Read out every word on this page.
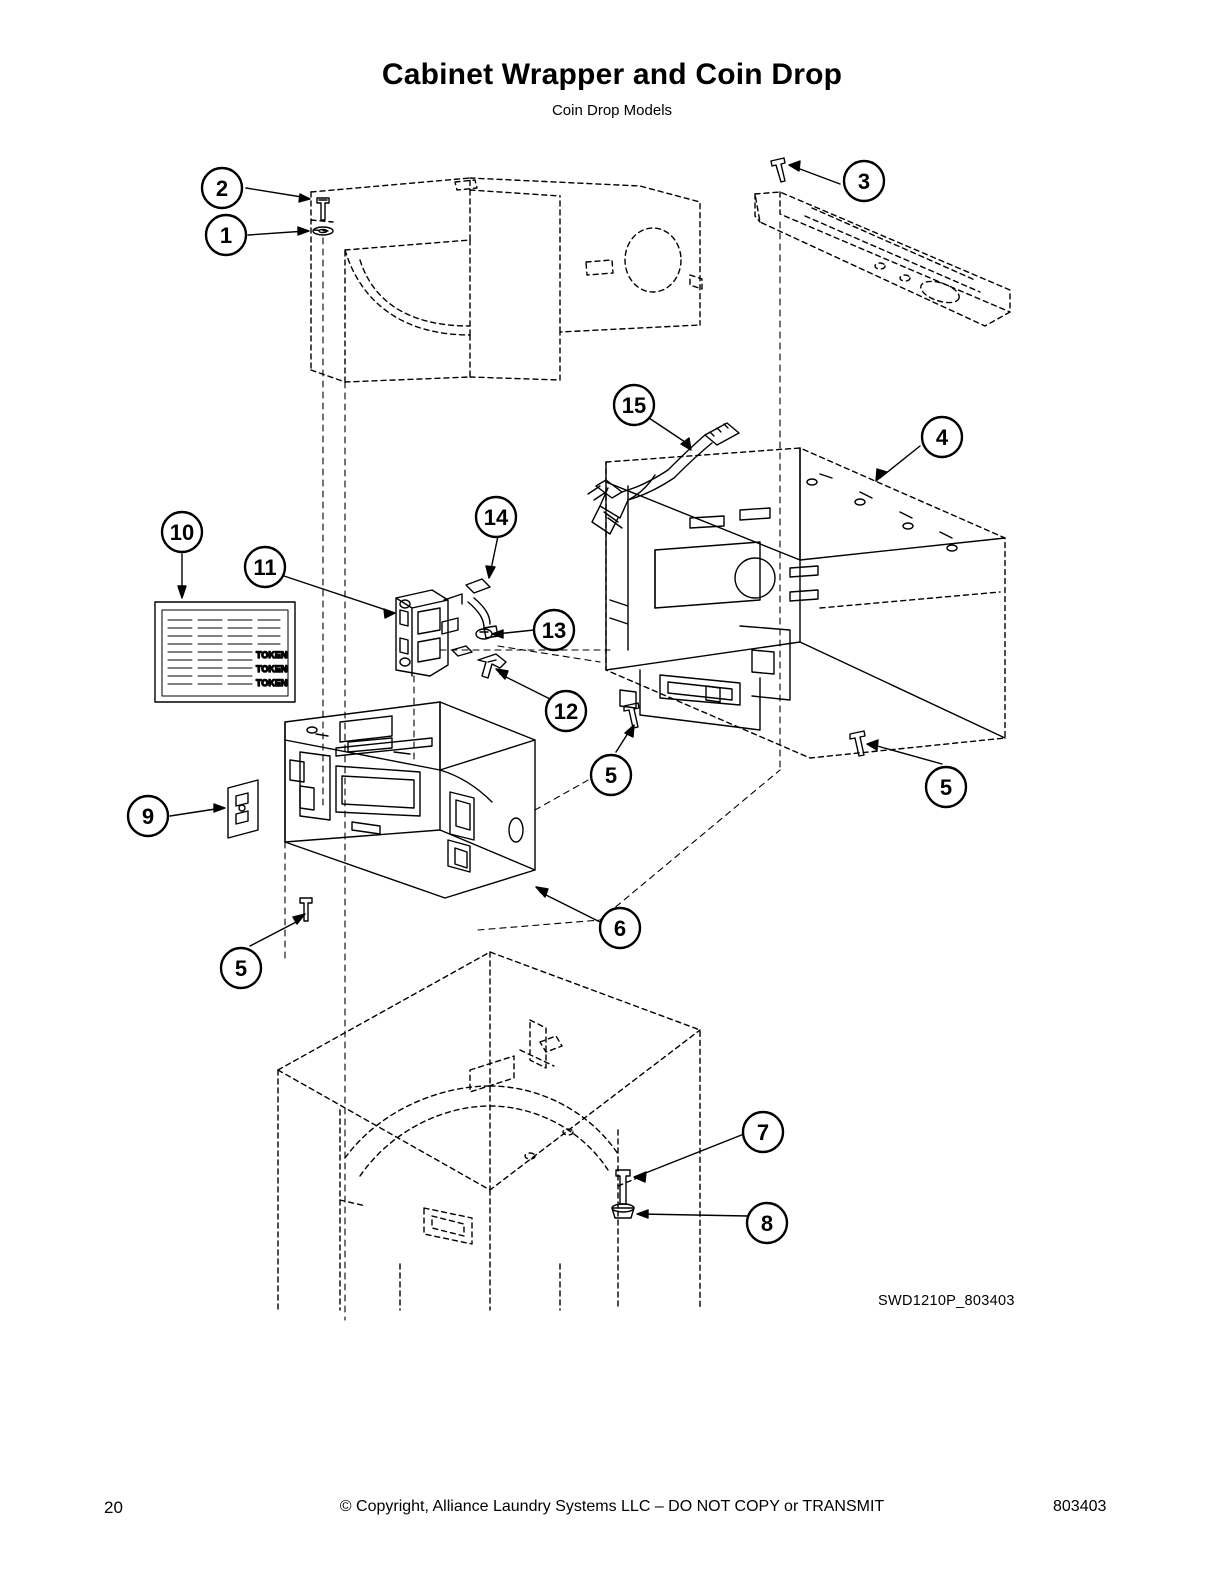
Cabinet Wrapper and Coin Drop
Coin Drop Models
TOKEN
TOKEN
TOKEN
2
1
3
4
15
14
10
11
13
12
5	5
9
6
5
7
8
SWD1210P_803403
20	© Copyright, Alliance Laundry Systems LLC – DO NOT COPY or TRANSMIT	803403
